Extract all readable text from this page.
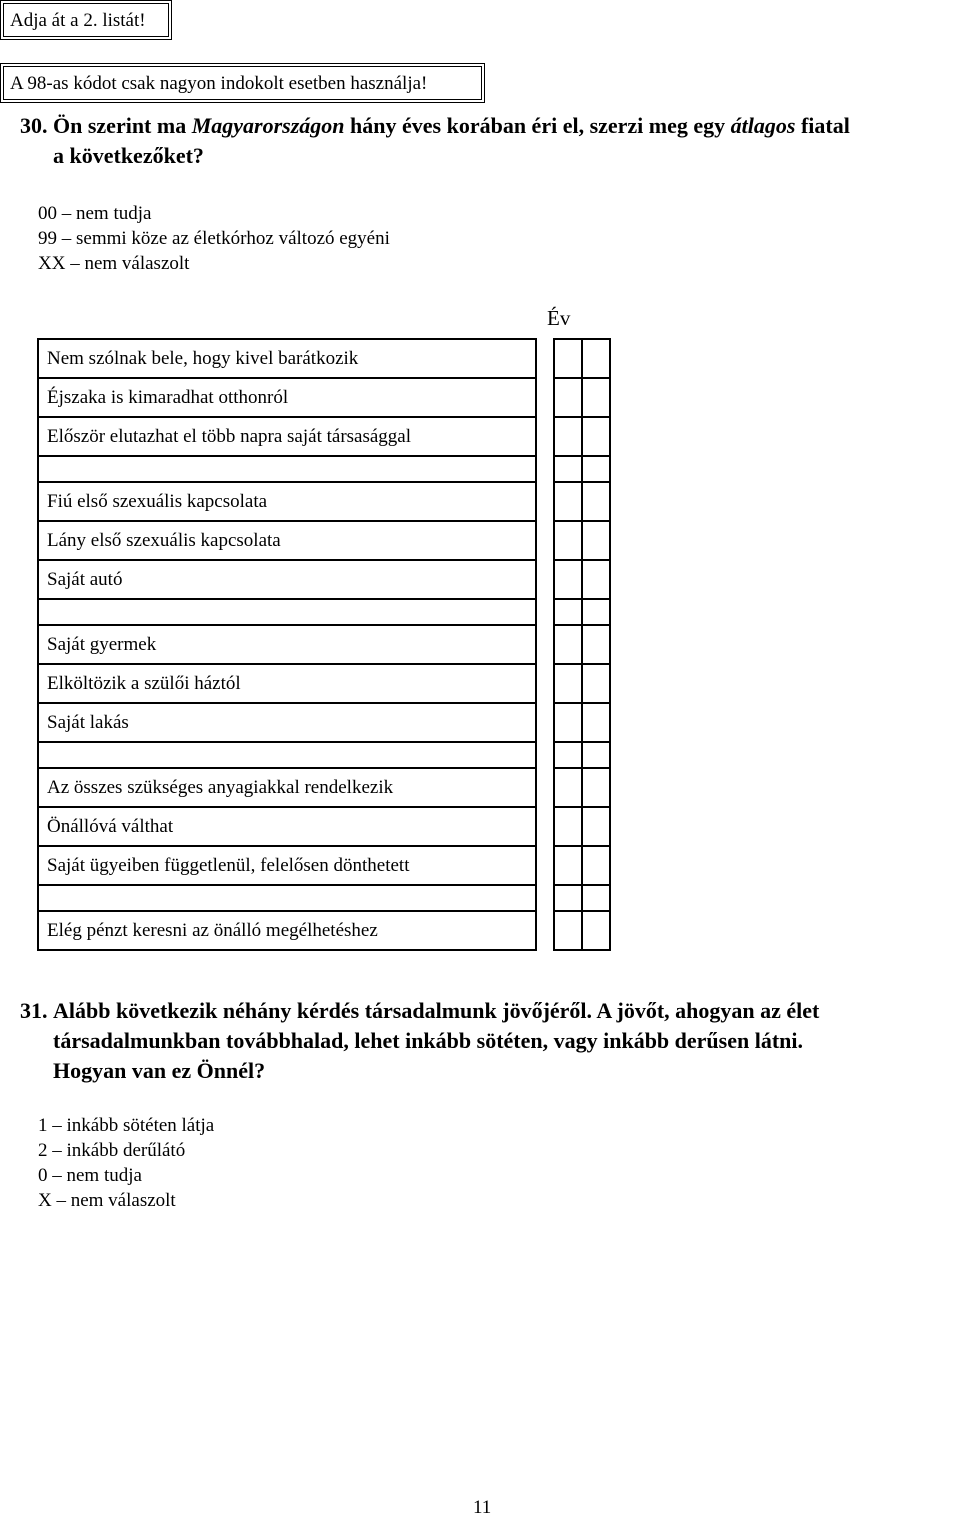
Adja át a 2. listát!
A 98-as kódot csak nagyon indokolt esetben használja!
30. Ön szerint ma Magyarországon hány éves korában éri el, szerzi meg egy átlagos fiatal
a következőket?
00 – nem tudja
99 – semmi köze az életkórhoz változó egyéni
XX – nem válaszolt
Év
Nem szólnak bele, hogy kivel barátkozik			
Éjszaka is kimaradhat otthonról			
Először elutazhat el több napra saját társasággal			

Fiú első szexuális kapcsolata			
Lány első szexuális kapcsolata			
Saját autó			

Saját gyermek			
Elköltözik a szülői háztól			
Saját lakás			

Az összes szükséges anyagiakkal rendelkezik			
Önállóvá válthat			
Saját ügyeiben függetlenül, felelősen dönthetett			

Elég pénzt keresni az önálló megélhetéshez			
31. Alább következik néhány kérdés társadalmunk jövőjéről. A jövőt, ahogyan az élet
társadalmunkban továbbhalad, lehet inkább sötéten, vagy inkább derűsen látni.
Hogyan van ez Önnél?
1 – inkább sötéten látja
2 – inkább derűlátó
0 – nem tudja
X – nem válaszolt
11
